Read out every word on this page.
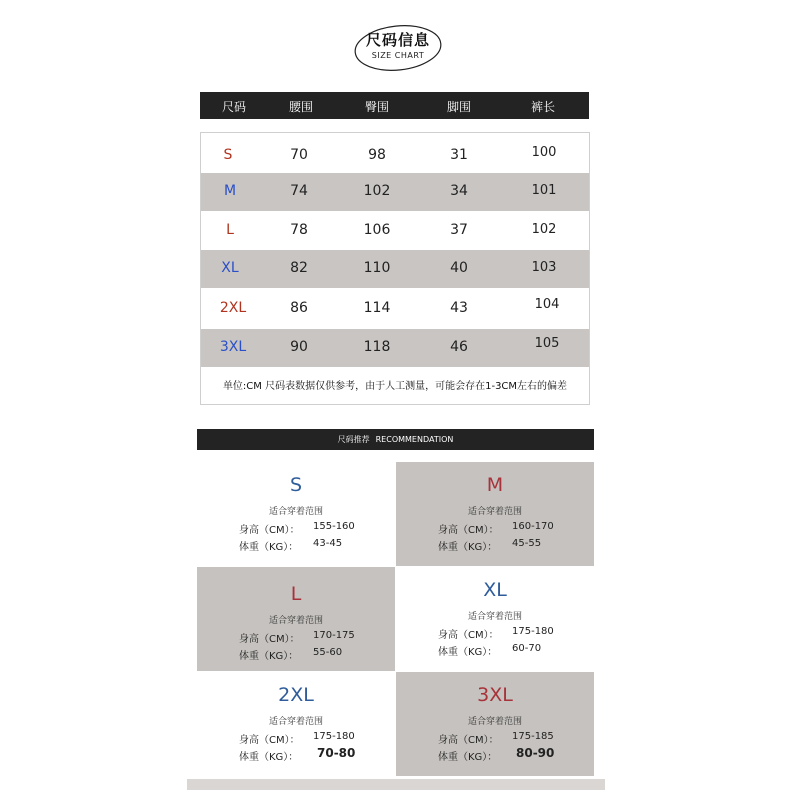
尺码信息
SIZE CHART
尺码	腰围	臀围	脚围	裤长
S	70	98	31	100
M	74	102	34	101
L	78	106	37	102
XL	82	110	40	103
2XL	86	114	43	104
3XL	90	118	46	105
单位:CM 尺码表数据仅供参考，由于人工测量，可能会存在1-3CM左右的偏差
尺码推荐 RECOMMENDATION
S
适合穿着范围
身高（CM）： 155-160
体重（KG）： 43-45
M
适合穿着范围
身高（CM）： 160-170
体重（KG）： 45-55
L
适合穿着范围
身高（CM）： 170-175
体重（KG）： 55-60
XL
适合穿着范围
身高（CM）： 175-180
体重（KG）： 60-70
2XL
适合穿着范围
身高（CM）： 175-180
体重（KG）： 70-80
3XL
适合穿着范围
身高（CM）： 175-185
体重（KG）： 80-90
